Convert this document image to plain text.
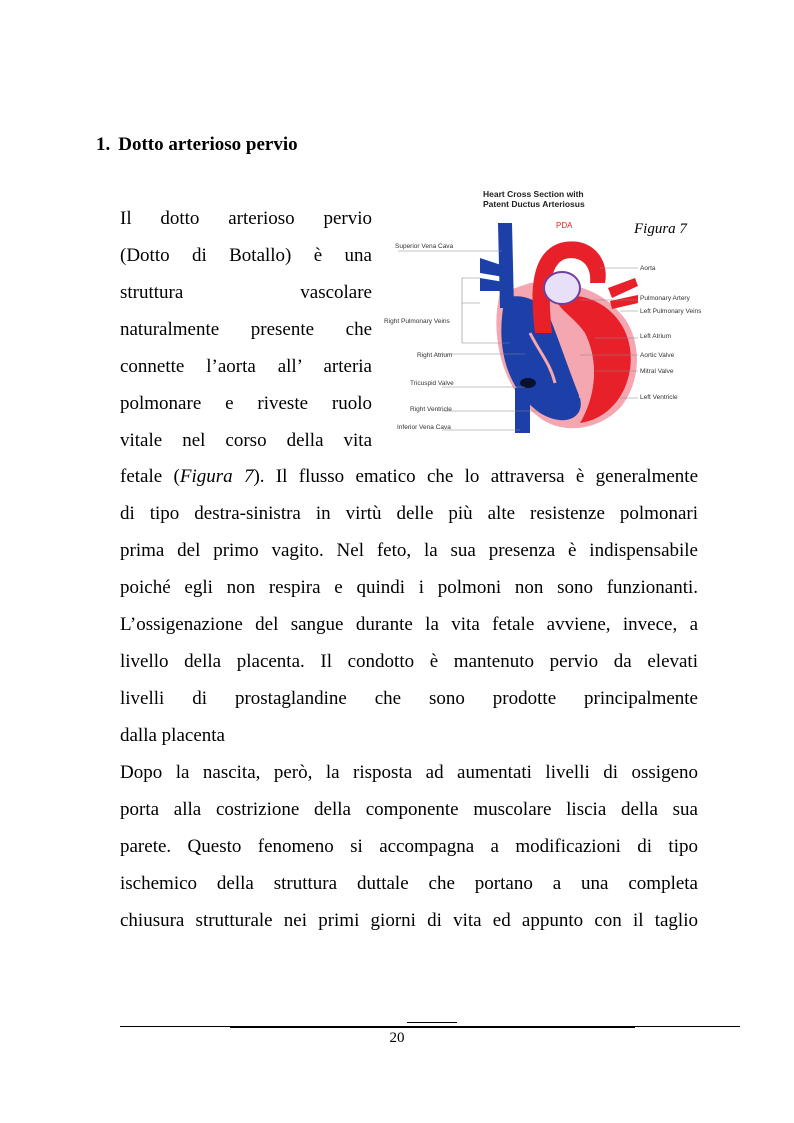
1. Dotto arterioso pervio
Il dotto arterioso pervio
(Dotto di Botallo) è una
struttura vascolare
naturalmente presente che
connette l’aorta all’ arteria
polmonare e riveste ruolo
vitale nel corso della vita
fetale (Figura 7). Il flusso ematico che lo attraversa è generalmente
di tipo destra-sinistra in virtù delle più alte resistenze polmonari
prima del primo vagito. Nel feto, la sua presenza è indispensabile
poiché egli non respira e quindi i polmoni non sono funzionanti.
L’ossigenazione del sangue durante la vita fetale avviene, invece, a
livello della placenta. Il condotto è mantenuto pervio da elevati
livelli di prostaglandine che sono prodotte principalmente
dalla placenta
Dopo la nascita, però, la risposta ad aumentati livelli di ossigeno
porta alla costrizione della componente muscolare liscia della sua
parete. Questo fenomeno si accompagna a modificazioni di tipo
ischemico della struttura duttale che portano a una completa
chiusura strutturale nei primi giorni di vita ed appunto con il taglio
Heart Cross Section with
Patent Ductus Arteriosus
PDA
Superior Vena Cava
Right Pulmonary Veins
Right Atrium
Tricuspid Valve
Right Ventricle
Inferior Vena Cava
Aorta
Pulmonary Artery
Left Pulmonary Veins
Left Atrium
Aortic Valve
Mitral Valve
Left Ventricle
Figura 7
20
